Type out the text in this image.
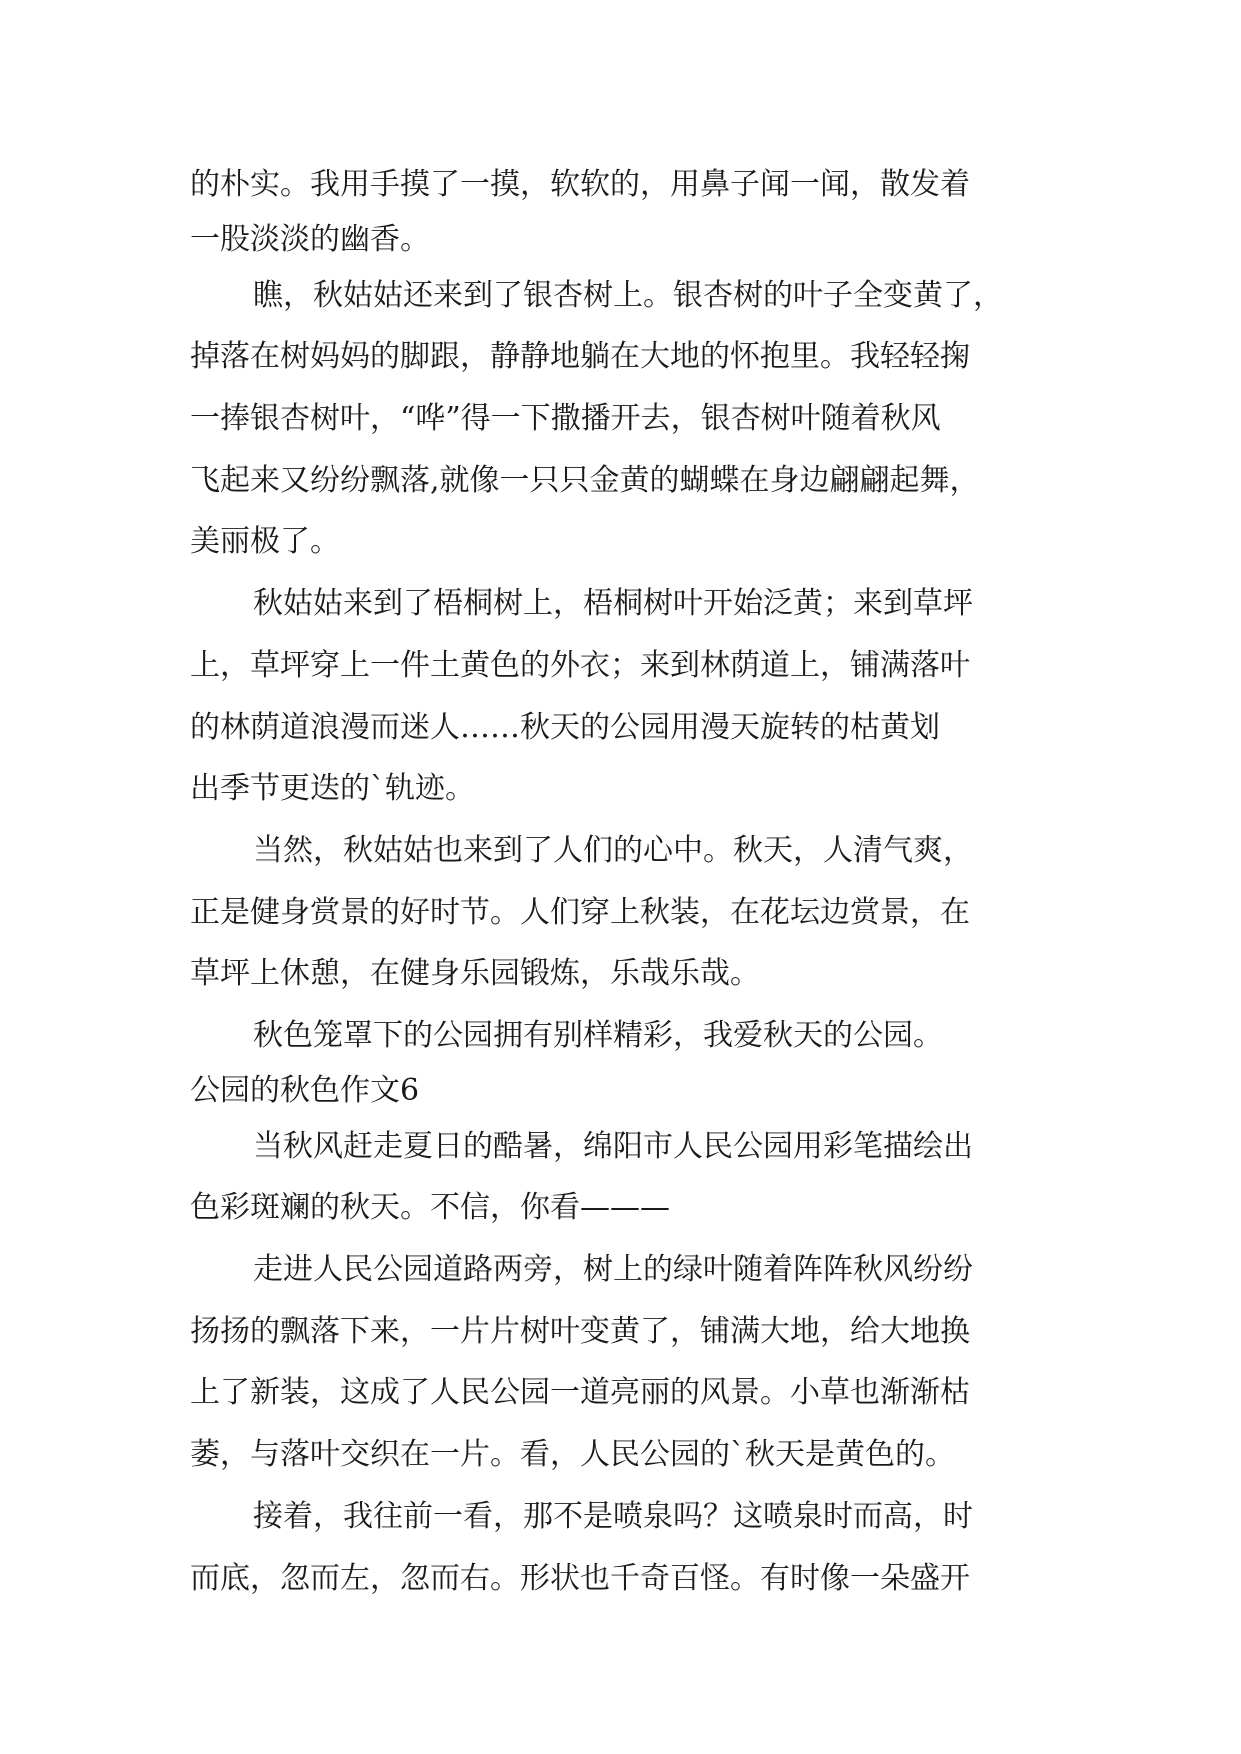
的朴实。我用手摸了一摸，软软的，用鼻子闻一闻，散发着
一股淡淡的幽香。
瞧，秋姑姑还来到了银杏树上。银杏树的叶子全变黄了，
掉落在树妈妈的脚跟，静静地躺在大地的怀抱里。我轻轻掬
一捧银杏树叶，“哗”得一下撒播开去，银杏树叶随着秋风
飞起来又纷纷飘落,就像一只只金黄的蝴蝶在身边翩翩起舞，
美丽极了。
秋姑姑来到了梧桐树上，梧桐树叶开始泛黄；来到草坪
上，草坪穿上一件土黄色的外衣；来到林荫道上，铺满落叶
的林荫道浪漫而迷人……秋天的公园用漫天旋转的枯黄划
出季节更迭的`轨迹。
当然，秋姑姑也来到了人们的心中。秋天，人清气爽，
正是健身赏景的好时节。人们穿上秋装，在花坛边赏景，在
草坪上休憩，在健身乐园锻炼，乐哉乐哉。
秋色笼罩下的公园拥有别样精彩，我爱秋天的公园。
公园的秋色作文6
当秋风赶走夏日的酷暑，绵阳市人民公园用彩笔描绘出
色彩斑斓的秋天。不信，你看———
走进人民公园道路两旁，树上的绿叶随着阵阵秋风纷纷
扬扬的飘落下来，一片片树叶变黄了，铺满大地，给大地换
上了新装，这成了人民公园一道亮丽的风景。小草也渐渐枯
萎，与落叶交织在一片。看，人民公园的`秋天是黄色的。
接着，我往前一看，那不是喷泉吗？这喷泉时而高，时
而底，忽而左，忽而右。形状也千奇百怪。有时像一朵盛开
